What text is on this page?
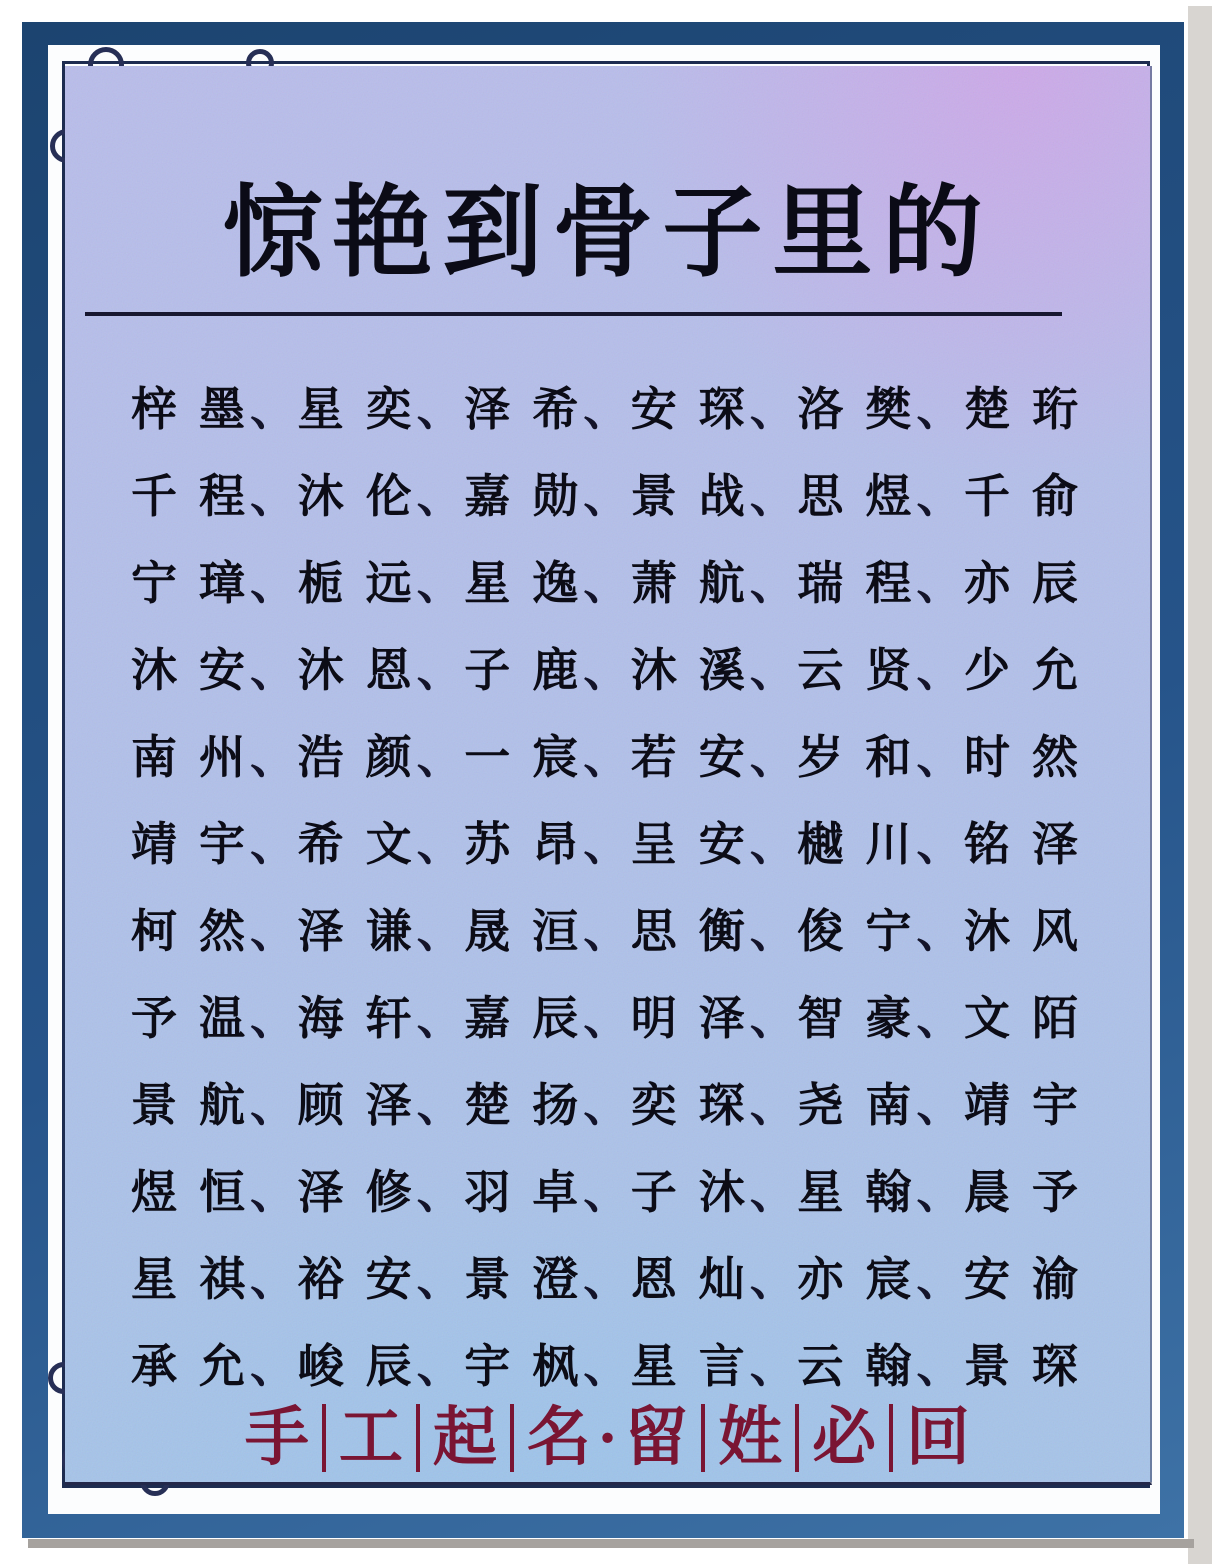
惊艳到骨子里的
梓 墨 、 星 奕 、 泽 希 、 安 琛 、 洛 樊 、 楚 珩
千 程 、 沐 伦 、 嘉 勋 、 景 战 、 思 煜 、 千 俞
宁 璋 、 栀 远 、 星 逸 、 萧 航 、 瑞 程 、 亦 辰
沐 安 、 沐 恩 、 子 鹿 、 沐 溪 、 云 贤 、 少 允
南 州 、 浩 颜 、 一 宸 、 若 安 、 岁 和 、 时 然
靖 宇 、 希 文 、 苏 昂 、 呈 安 、 樾 川 、 铭 泽
柯 然 、 泽 谦 、 晟 洹 、 思 衡 、 俊 宁 、 沐 风
予 温 、 海 轩 、 嘉 辰 、 明 泽 、 智 豪 、 文 陌
景 航 、 顾 泽 、 楚 扬 、 奕 琛 、 尧 南 、 靖 宇
煜 恒 、 泽 修 、 羽 卓 、 子 沐 、 星 翰 、 晨 予
星 祺 、 裕 安 、 景 澄 、 恩 灿 、 亦 宸 、 安 渝
承 允 、 峻 辰 、 宇 枫 、 星 言 、 云 翰 、 景 琛
手 工 起 名 · 留 姓 必 回
